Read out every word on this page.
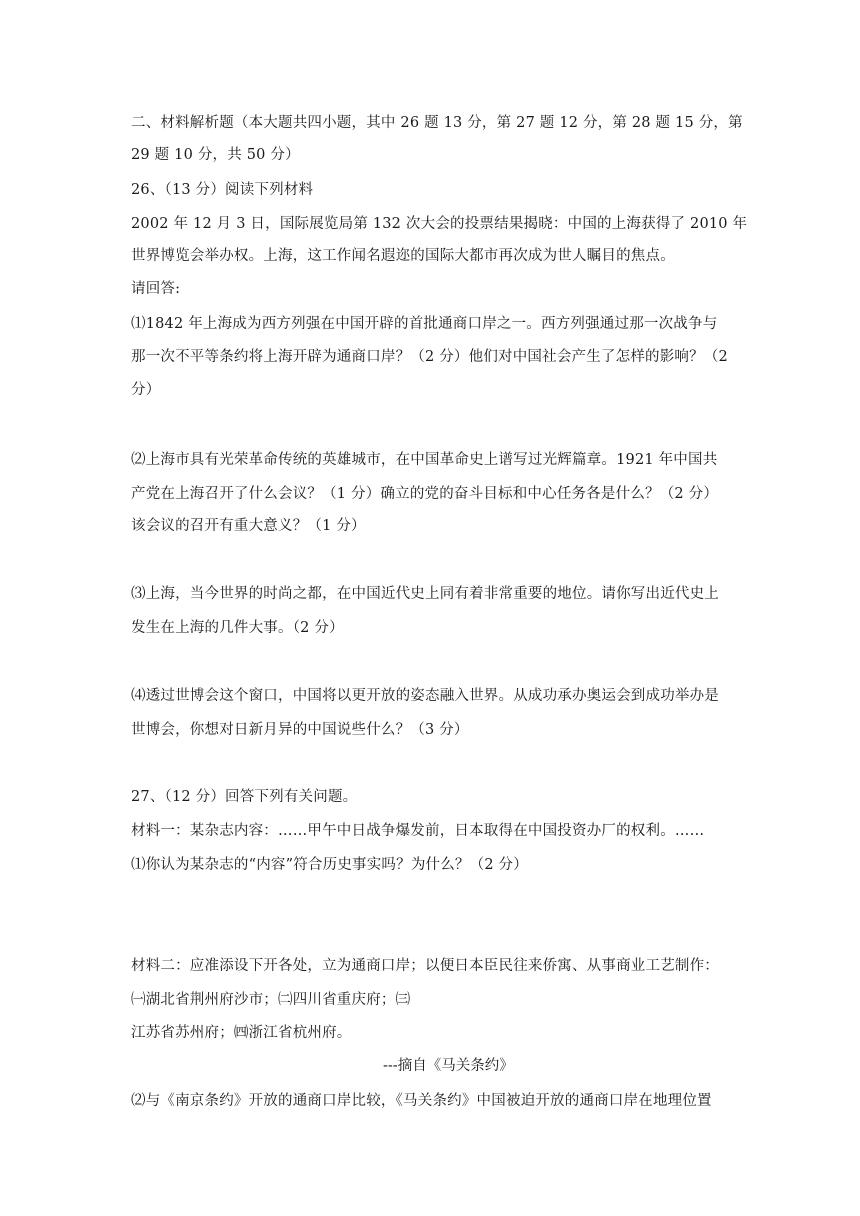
二、材料解析题（本大题共四小题，其中 26 题 13 分，第 27 题 12 分，第 28 题 15 分，第
29 题 10 分，共 50 分）
26、（13 分）阅读下列材料
2002 年 12 月 3 日，国际展览局第 132 次大会的投票结果揭晓：中国的上海获得了 2010 年
世界博览会举办权。上海，这工作闻名遐迩的国际大都市再次成为世人瞩目的焦点。
请回答:
⑴1842 年上海成为西方列强在中国开辟的首批通商口岸之一。西方列强通过那一次战争与
那一次不平等条约将上海开辟为通商口岸？（2 分）他们对中国社会产生了怎样的影响？（2
分）
⑵上海市具有光荣革命传统的英雄城市，在中国革命史上谱写过光辉篇章。1921 年中国共
产党在上海召开了什么会议？（1 分）确立的党的奋斗目标和中心任务各是什么？（2 分）
该会议的召开有重大意义？（1 分）
⑶上海，当今世界的时尚之都，在中国近代史上同有着非常重要的地位。请你写出近代史上
发生在上海的几件大事。（2 分）
⑷透过世博会这个窗口，中国将以更开放的姿态融入世界。从成功承办奥运会到成功举办是
世博会，你想对日新月异的中国说些什么？（3 分）
27、（12 分）回答下列有关问题。
材料一：某杂志内容：……甲午中日战争爆发前，日本取得在中国投资办厂的权利。……
⑴你认为某杂志的“内容”符合历史事实吗？为什么？（2 分）
材料二：应准添设下开各处，立为通商口岸；以便日本臣民往来侨寓、从事商业工艺制作：
㈠湖北省荆州府沙市；㈡四川省重庆府；㈢
江苏省苏州府；㈣浙江省杭州府。
---摘自《马关条约》
⑵与《南京条约》开放的通商口岸比较，《马关条约》中国被迫开放的通商口岸在地理位置
